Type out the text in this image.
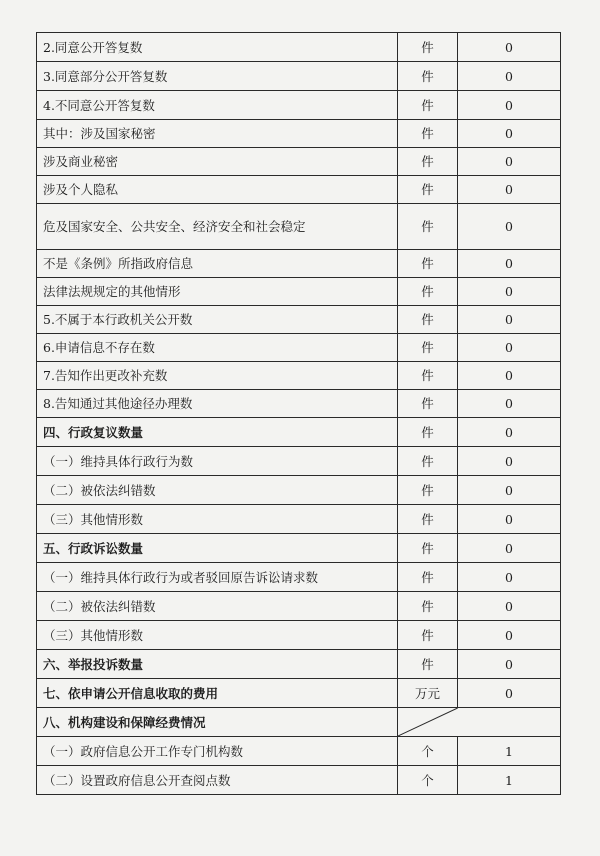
2.同意公开答复数	件	0
3.同意部分公开答复数	件	0
4.不同意公开答复数	件	0
其中：涉及国家秘密	件	0
涉及商业秘密	件	0
涉及个人隐私	件	0
危及国家安全、公共安全、经济安全和社会稳定	件	0
不是《条例》所指政府信息	件	0
法律法规规定的其他情形	件	0
5.不属于本行政机关公开数	件	0
6.申请信息不存在数	件	0
7.告知作出更改补充数	件	0
8.告知通过其他途径办理数	件	0
四、行政复议数量	件	0
（一）维持具体行政行为数	件	0
（二）被依法纠错数	件	0
（三）其他情形数	件	0
五、行政诉讼数量	件	0
（一）维持具体行政行为或者驳回原告诉讼请求数	件	0
（二）被依法纠错数	件	0
（三）其他情形数	件	0
六、举报投诉数量	件	0
七、依申请公开信息收取的费用	万元	0
八、机构建设和保障经费情况	

（一）政府信息公开工作专门机构数	个	1
（二）设置政府信息公开查阅点数	个	1
